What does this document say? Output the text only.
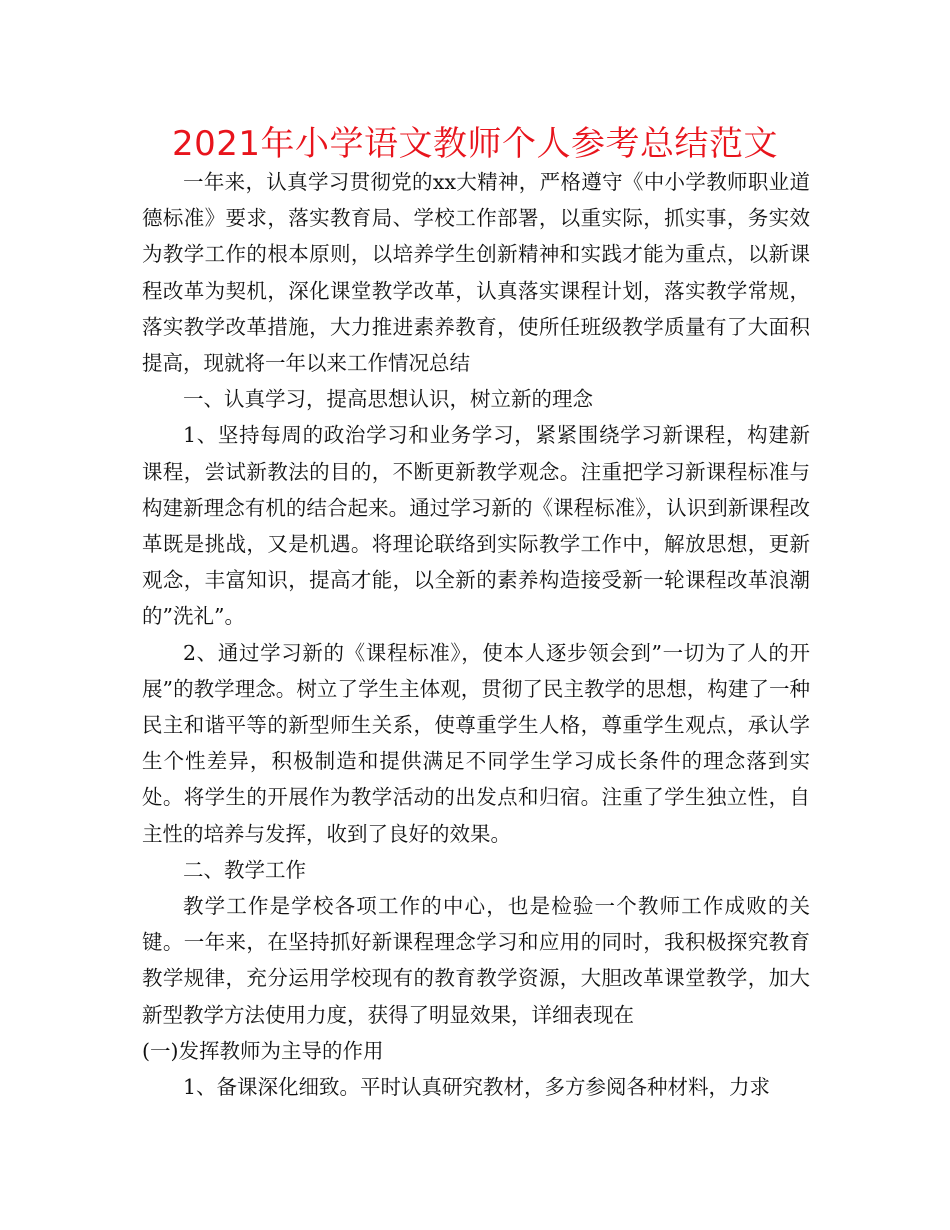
2021年小学语文教师个人参考总结范文

一年来，认真学习贯彻党的xx大精神，严格遵守《中小学教师职业道德标准》要求，落实教育局、学校工作部署，以重实际，抓实事，务实效为教学工作的根本原则，以培养学生创新精神和实践才能为重点，以新课程改革为契机，深化课堂教学改革，认真落实课程计划，落实教学常规，落实教学改革措施，大力推进素养教育，使所任班级教学质量有了大面积提高，现就将一年以来工作情况总结

一、认真学习，提高思想认识，树立新的理念

1、坚持每周的政治学习和业务学习，紧紧围绕学习新课程，构建新课程，尝试新教法的目的，不断更新教学观念。注重把学习新课程标准与构建新理念有机的结合起来。通过学习新的《课程标准》，认识到新课程改革既是挑战，又是机遇。将理论联络到实际教学工作中，解放思想，更新观念，丰富知识，提高才能，以全新的素养构造接受新一轮课程改革浪潮的”洗礼”。

2、通过学习新的《课程标准》，使本人逐步领会到”一切为了人的开展”的教学理念。树立了学生主体观，贯彻了民主教学的思想，构建了一种民主和谐平等的新型师生关系，使尊重学生人格，尊重学生观点，承认学生个性差异，积极制造和提供满足不同学生学习成长条件的理念落到实处。将学生的开展作为教学活动的出发点和归宿。注重了学生独立性，自主性的培养与发挥，收到了良好的效果。

二、教学工作

教学工作是学校各项工作的中心，也是检验一个教师工作成败的关键。一年来，在坚持抓好新课程理念学习和应用的同时，我积极探究教育教学规律，充分运用学校现有的教育教学资源，大胆改革课堂教学，加大新型教学方法使用力度，获得了明显效果，详细表现在

(一)发挥教师为主导的作用

1、备课深化细致。平时认真研究教材，多方参阅各种材料，力求
